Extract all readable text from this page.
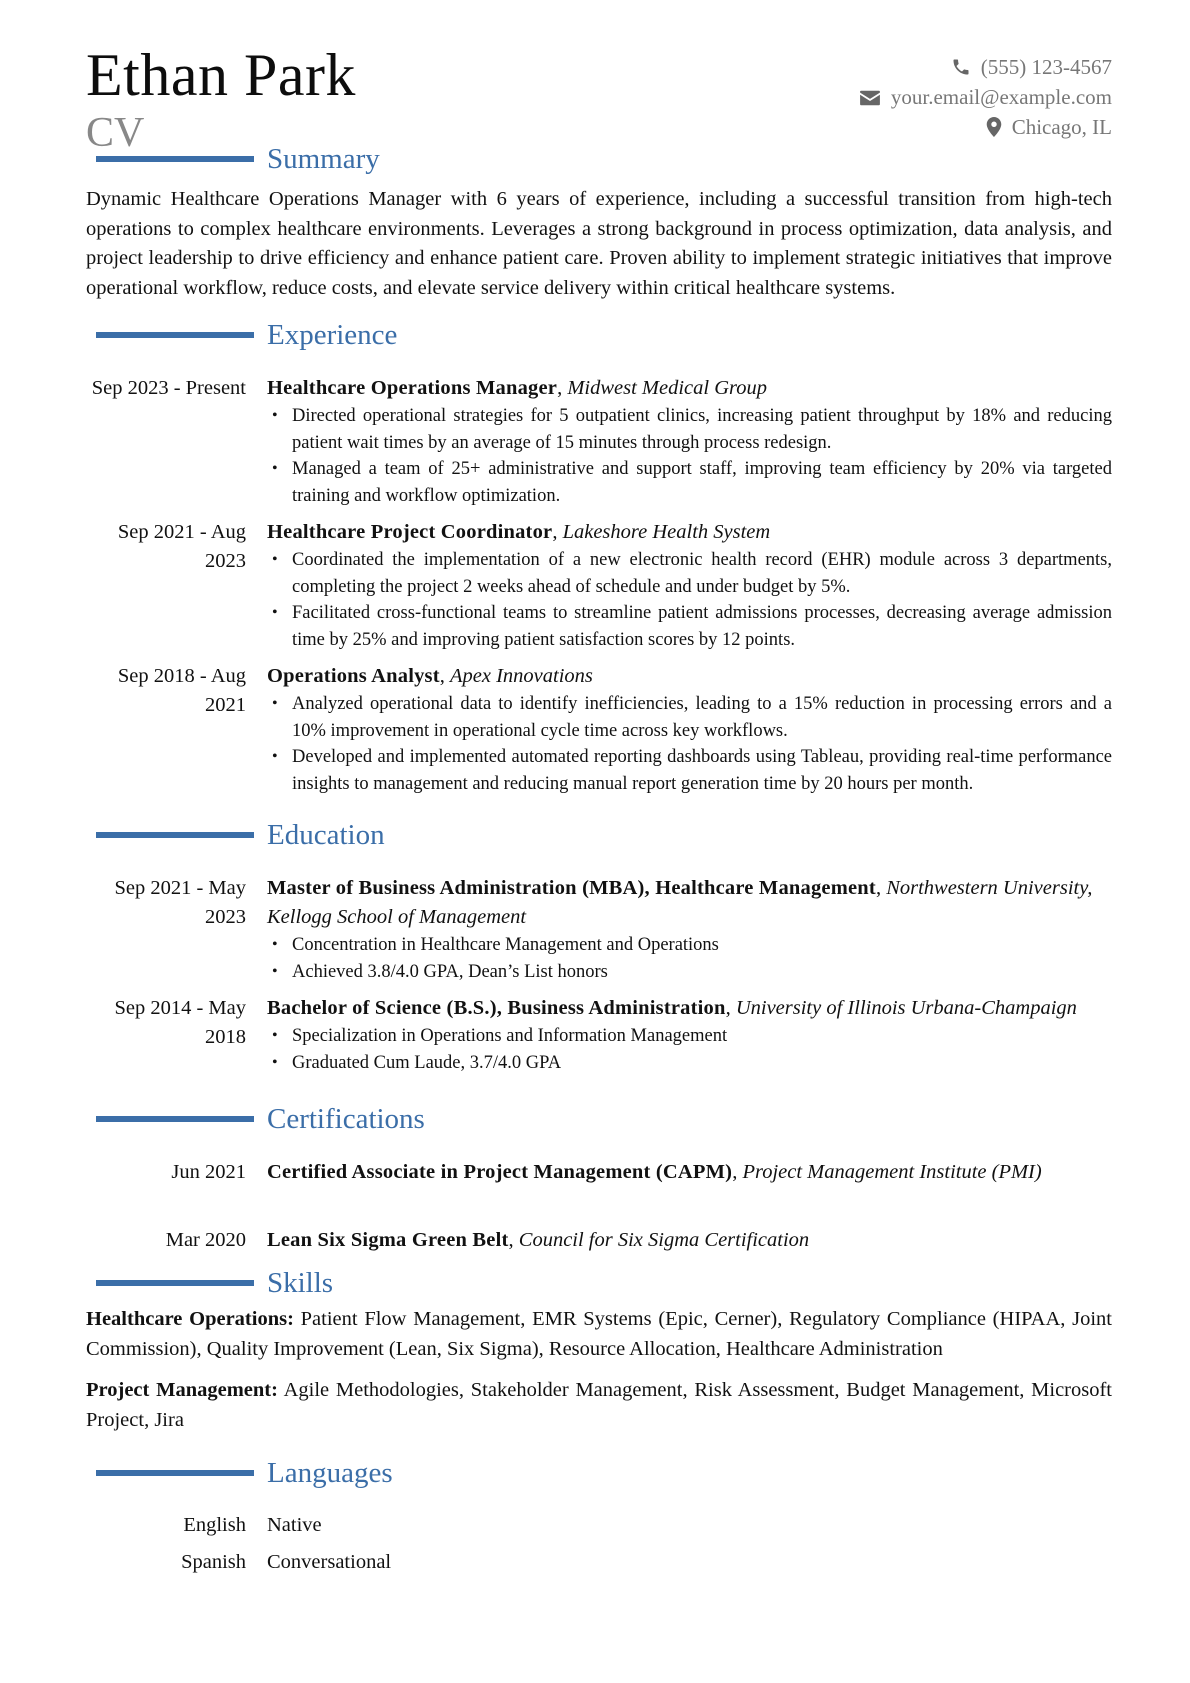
Ethan Park
CV
(555) 123-4567
your.email@example.com
Chicago, IL
Summary
Dynamic Healthcare Operations Manager with 6 years of experience, including a successful transition from high-tech operations to complex healthcare environments. Leverages a strong background in process optimization, data analysis, and project leadership to drive efficiency and enhance patient care. Proven ability to implement strategic initiatives that improve operational workflow, reduce costs, and elevate service delivery within critical healthcare systems.
Experience
Sep 2023 - Present Healthcare Operations Manager, Midwest Medical Group
• Directed operational strategies for 5 outpatient clinics, increasing patient throughput by 18% and reducing patient wait times by an average of 15 minutes through process redesign.
• Managed a team of 25+ administrative and support staff, improving team efficiency by 20% via targeted training and workflow optimization.
Sep 2021 - Aug 2023
Healthcare Project Coordinator, Lakeshore Health System
• Coordinated the implementation of a new electronic health record (EHR) module across 3 departments, completing the project 2 weeks ahead of schedule and under budget by 5%.
• Facilitated cross-functional teams to streamline patient admissions processes, decreasing average admission time by 25% and improving patient satisfaction scores by 12 points.
Sep 2018 - Aug 2021
Operations Analyst, Apex Innovations
• Analyzed operational data to identify inefficiencies, leading to a 15% reduction in processing errors and a 10% improvement in operational cycle time across key workflows.
• Developed and implemented automated reporting dashboards using Tableau, providing real-time performance insights to management and reducing manual report generation time by 20 hours per month.
Education
Sep 2021 - May 2023
Master of Business Administration (MBA), Healthcare Management, Northwestern University, Kellogg School of Management
• Concentration in Healthcare Management and Operations
• Achieved 3.8/4.0 GPA, Dean’s List honors
Sep 2014 - May 2018
Bachelor of Science (B.S.), Business Administration, University of Illinois Urbana-Champaign
• Specialization in Operations and Information Management
• Graduated Cum Laude, 3.7/4.0 GPA
Certifications
Jun 2021 Certified Associate in Project Management (CAPM), Project Management Institute (PMI)
Mar 2020 Lean Six Sigma Green Belt, Council for Six Sigma Certification
Skills
Healthcare Operations: Patient Flow Management, EMR Systems (Epic, Cerner), Regulatory Compliance (HIPAA, Joint Commission), Quality Improvement (Lean, Six Sigma), Resource Allocation, Healthcare Administration
Project Management: Agile Methodologies, Stakeholder Management, Risk Assessment, Budget Management, Microsoft Project, Jira
Languages
English Native
Spanish Conversational
